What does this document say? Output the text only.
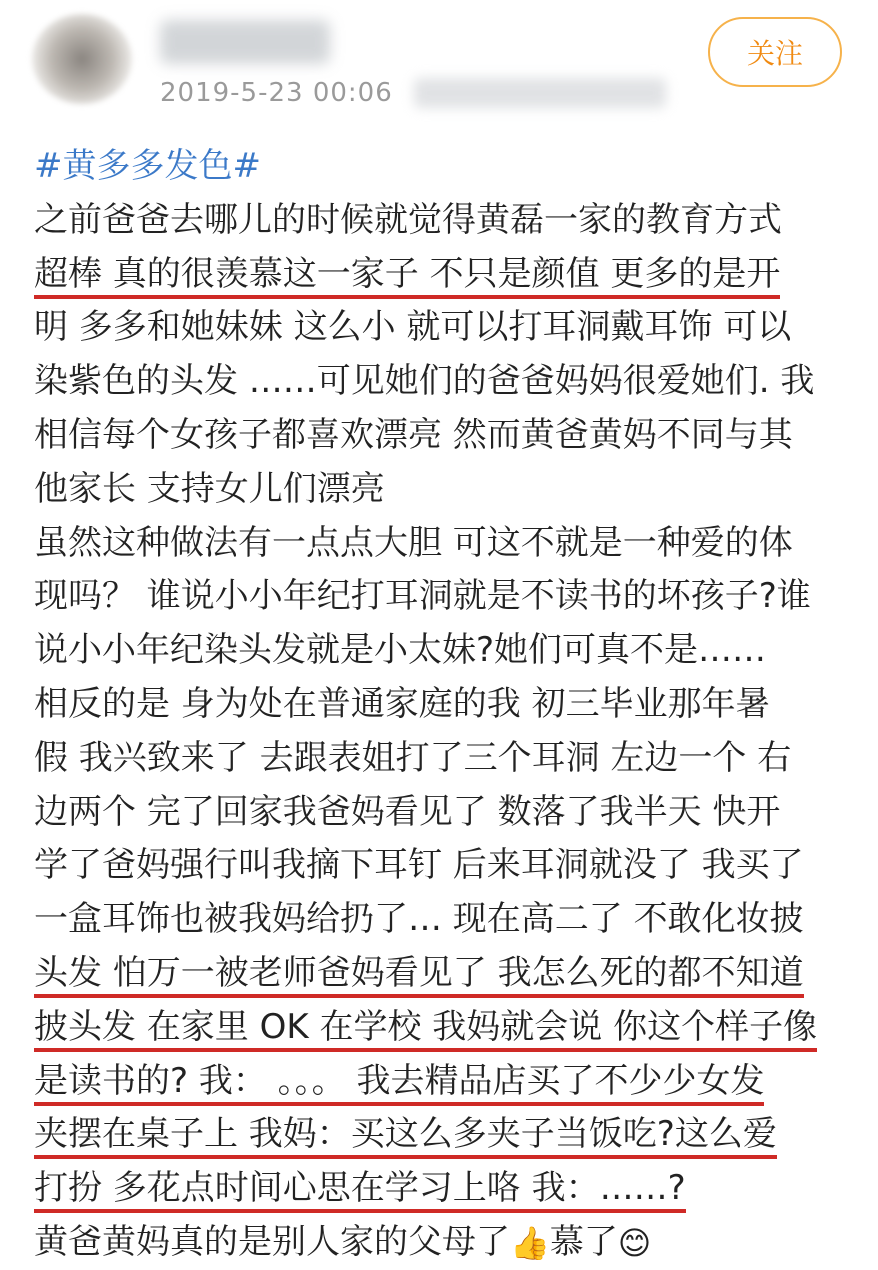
2019-5-23 00:06
关注
#黄多多发色#
之前爸爸去哪儿的时候就觉得黄磊一家的教育方式
超棒 真的很羡慕这一家子 不只是颜值 更多的是开
明 多多和她妹妹 这么小 就可以打耳洞戴耳饰 可以
染紫色的头发 ……可见她们的爸爸妈妈很爱她们. 我
相信每个女孩子都喜欢漂亮 然而黄爸黄妈不同与其
他家长 支持女儿们漂亮
虽然这种做法有一点点大胆 可这不就是一种爱的体
现吗？ 谁说小小年纪打耳洞就是不读书的坏孩子?谁
说小小年纪染头发就是小太妹?她们可真不是……
相反的是 身为处在普通家庭的我 初三毕业那年暑
假 我兴致来了 去跟表姐打了三个耳洞 左边一个 右
边两个 完了回家我爸妈看见了 数落了我半天 快开
学了爸妈强行叫我摘下耳钉 后来耳洞就没了 我买了
一盒耳饰也被我妈给扔了… 现在高二了 不敢化妆披
头发 怕万一被老师爸妈看见了 我怎么死的都不知道
披头发 在家里 OK 在学校 我妈就会说 你这个样子像
是读书的? 我： 。。。 我去精品店买了不少少女发
夹摆在桌子上 我妈：买这么多夹子当饭吃?这么爱
打扮 多花点时间心思在学习上咯 我：……?
黄爸黄妈真的是别人家的父母了👍慕了😊
